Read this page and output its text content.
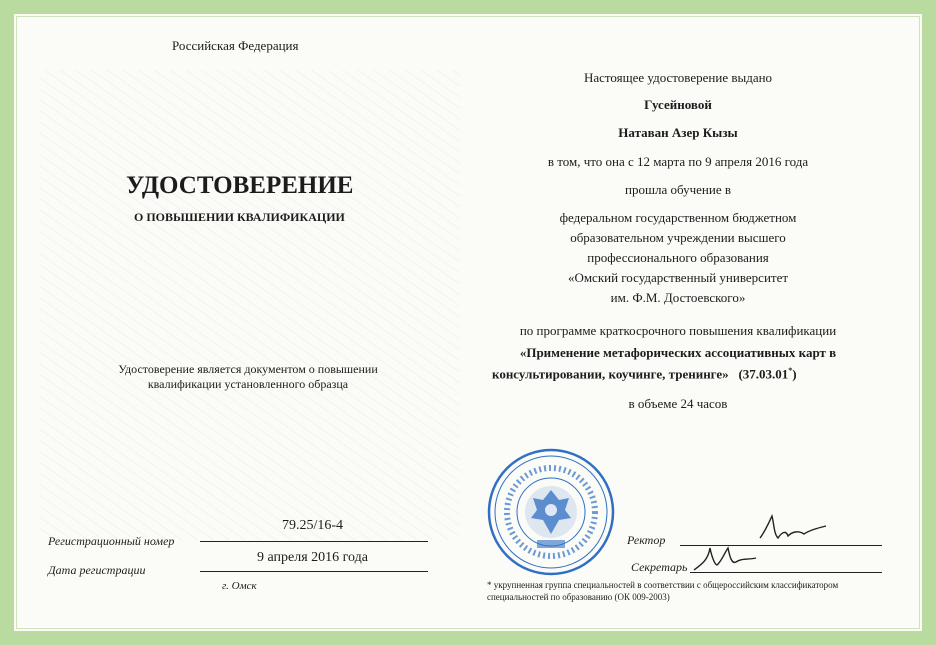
Российская Федерация
УДОСТОВЕРЕНИЕ
О ПОВЫШЕНИИ КВАЛИФИКАЦИИ
Удостоверение является документом о повышении
квалификации установленного образца
79.25/16-4
Регистрационный номер
9 апреля 2016 года
Дата регистрации
г. Омск
Настоящее удостоверение выдано
Гусейновой
Натаван Азер Кызы
в том, что она с 12 марта по 9 апреля 2016 года
прошла обучение в
федеральном государственном бюджетном
образовательном учреждении высшего
профессионального образования
«Омский государственный университет
им. Ф.М. Достоевского»
по программе краткосрочного повышения квалификации
«Применение метафорических ассоциативных карт в
консультировании, коучинге, тренинге» (37.03.01*)
в объеме 24 часов
Ректор
Секретарь
* укрупненная группа специальностей в соответствии с общероссийским классификатором
специальностей по образованию (ОК 009-2003)
